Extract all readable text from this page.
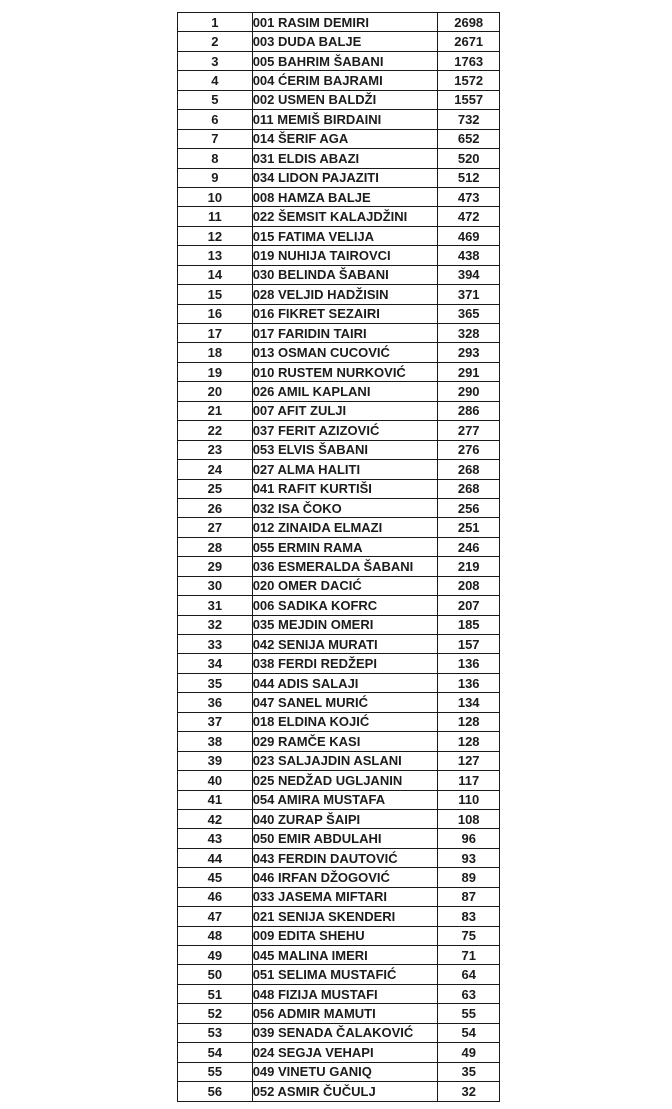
1	001 RASIM DEMIRI	2698
2	003 DUDA BALJE	2671
3	005 BAHRIM ŠABANI	1763
4	004 ĆERIM BAJRAMI	1572
5	002 USMEN BALDŽI	1557
6	011 MEMIŠ BIRDAINI	732
7	014 ŠERIF AGA	652
8	031 ELDIS ABAZI	520
9	034 LIDON PAJAZITI	512
10	008 HAMZA BALJE	473
11	022 ŠEMSIT KALAJDŽINI	472
12	015 FATIMA VELIJA	469
13	019 NUHIJA TAIROVCI	438
14	030 BELINDA ŠABANI	394
15	028 VELJID HADŽISIN	371
16	016 FIKRET SEZAIRI	365
17	017 FARIDIN TAIRI	328
18	013 OSMAN CUCOVIĆ	293
19	010 RUSTEM NURKOVIĆ	291
20	026 AMIL KAPLANI	290
21	007 AFIT ZULJI	286
22	037 FERIT AZIZOVIĆ	277
23	053 ELVIS ŠABANI	276
24	027 ALMA HALITI	268
25	041 RAFIT KURTIŠI	268
26	032 ISA ČOKO	256
27	012 ZINAIDA ELMAZI	251
28	055 ERMIN RAMA	246
29	036 ESMERALDA ŠABANI	219
30	020 OMER DACIĆ	208
31	006 SADIKA KOFRC	207
32	035 MEJDIN OMERI	185
33	042 SENIJA MURATI	157
34	038 FERDI REDŽEPI	136
35	044 ADIS SALAJI	136
36	047 SANEL MURIĆ	134
37	018 ELDINA KOJIĆ	128
38	029 RAMČE KASI	128
39	023 SALJAJDIN ASLANI	127
40	025 NEDŽAD UGLJANIN	117
41	054 AMIRA MUSTAFA	110
42	040 ZURAP ŠAIPI	108
43	050 EMIR ABDULAHI	96
44	043 FERDIN DAUTOVIĆ	93
45	046 IRFAN DŽOGOVIĆ	89
46	033 JASEMA MIFTARI	87
47	021 SENIJA SKENDERI	83
48	009 EDITA SHEHU	75
49	045 MALINA IMERI	71
50	051 SELIMA MUSTAFIĆ	64
51	048 FIZIJA MUSTAFI	63
52	056 ADMIR MAMUTI	55
53	039 SENADA ČALAKOVIĆ	54
54	024 SEGJA VEHAPI	49
55	049 VINETU GANIQ	35
56	052 ASMIR ČUČULJ	32
